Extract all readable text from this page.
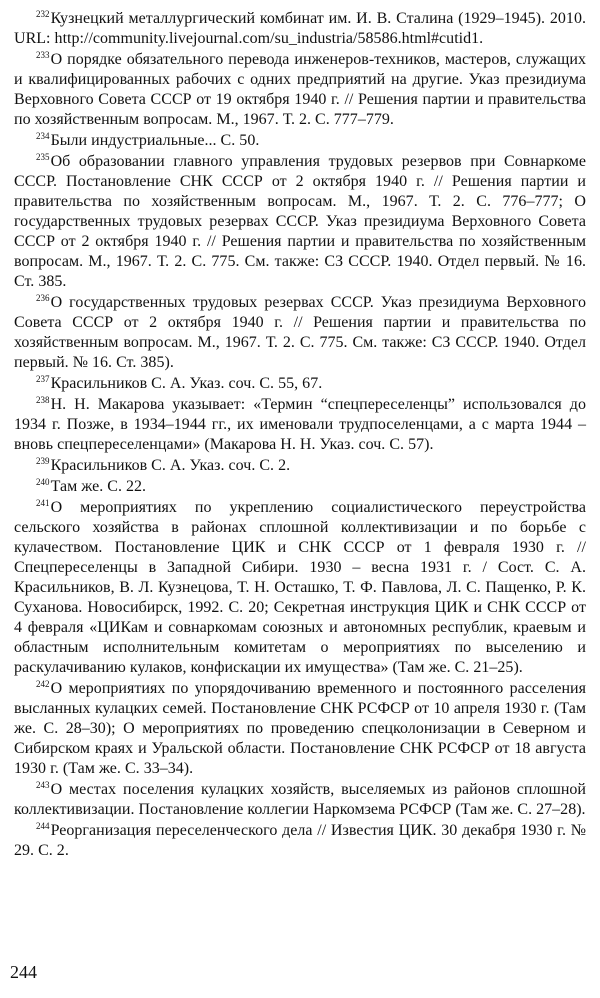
$^{232}$Кузнецкий металлургический комбинат им. И. В. Сталина (1929–1945). 2010. URL: http://community.livejournal.com/su_industria/58586.html#cutid1.

$^{233}$О порядке обязательного перевода инженеров-техников, мастеров, служащих и квалифицированных рабочих с одних предприятий на другие. Указ президиума Верховного Совета СССР от 19 октября 1940 г. // Решения партии и правительства по хозяйственным вопросам. М., 1967. Т. 2. С. 777–779.

$^{234}$Были индустриальные... С. 50.

$^{235}$Об образовании главного управления трудовых резервов при Совнаркоме СССР. Постановление СНК СССР от 2 октября 1940 г. // Решения партии и правительства по хозяйственным вопросам. М., 1967. Т. 2. С. 776–777; О государственных трудовых резервах СССР. Указ президиума Верховного Совета СССР от 2 октября 1940 г. // Решения партии и правительства по хозяйственным вопросам. М., 1967. Т. 2. С. 775. См. также: СЗ СССР. 1940. Отдел первый. № 16. Ст. 385.

$^{236}$О государственных трудовых резервах СССР. Указ президиума Верховного Совета СССР от 2 октября 1940 г. // Решения партии и правительства по хозяйственным вопросам. М., 1967. Т. 2. С. 775. См. также: СЗ СССР. 1940. Отдел первый. № 16. Ст. 385).

$^{237}$Красильников С. А. Указ. соч. С. 55, 67.

$^{238}$Н. Н. Макарова указывает: «Термин “спецпереселенцы” использовался до 1934 г. Позже, в 1934–1944 гг., их именовали трудпоселенцами, а с марта 1944 – вновь спецпереселенцами» (Макарова Н. Н. Указ. соч. С. 57).

$^{239}$Красильников С. А. Указ. соч. С. 2.

$^{240}$Там же. С. 22.

$^{241}$О мероприятиях по укреплению социалистического переустройства сельского хозяйства в районах сплошной коллективизации и по борьбе с кулачеством. Постановление ЦИК и СНК СССР от 1 февраля 1930 г. // Спецпереселенцы в Западной Сибири. 1930 – весна 1931 г. / Сост. С. А. Красильников, В. Л. Кузнецова, Т. Н. Осташко, Т. Ф. Павлова, Л. С. Пащенко, Р. К. Суханова. Новосибирск, 1992. С. 20; Секретная инструкция ЦИК и СНК СССР от 4 февраля «ЦИКам и совнаркомам союзных и автономных республик, краевым и областным исполнительным комитетам о мероприятиях по выселению и раскулачиванию кулаков, конфискации их имущества» (Там же. С. 21–25).

$^{242}$О мероприятиях по упорядочиванию временного и постоянного расселения высланных кулацких семей. Постановление СНК РСФСР от 10 апреля 1930 г. (Там же. С. 28–30); О мероприятиях по проведению спецколонизации в Северном и Сибирском краях и Уральской области. Постановление СНК РСФСР от 18 августа 1930 г. (Там же. С. 33–34).

$^{243}$О местах поселения кулацких хозяйств, выселяемых из районов сплошной коллективизации. Постановление коллегии Наркомзема РСФСР (Там же. С. 27–28).

$^{244}$Реорганизация переселенческого дела // Известия ЦИК. 30 декабря 1930 г. № 29. С. 2.

244
